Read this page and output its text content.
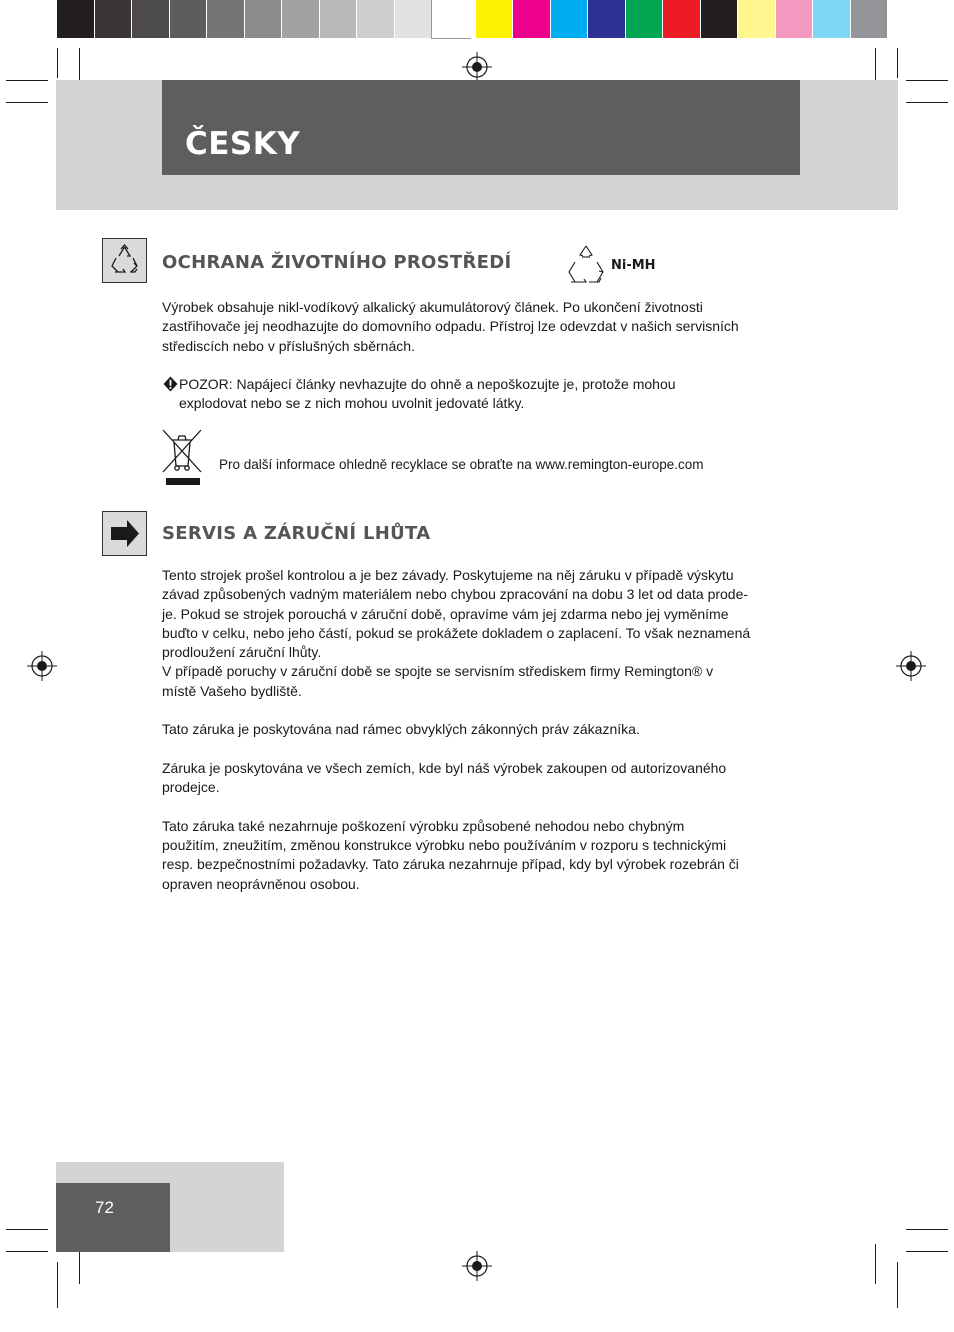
ČESKY
OCHRANA ŽIVOTNÍHO PROSTŘEDÍ	Ni-MH
Výrobek obsahuje nikl-vodíkový alkalický akumulátorový článek. Po ukončení životnosti
zastřihovače jej neodhazujte do domovního odpadu. Přístroj lze odevzdat v našich servisních
střediscích nebo v příslušných sběrnách.
POZOR: Napájecí články nevhazujte do ohně a nepoškozujte je, protože mohou
explodovat nebo se z nich mohou uvolnit jedovaté látky.
Pro další informace ohledně recyklace se obraťte na www.remington-europe.com
SERVIS A ZÁRUČNÍ LHŮTA

Tento strojek prošel kontrolou a je bez závady. Poskytujeme na něj záruku v případě výskytu
závad způsobených vadným materiálem nebo chybou zpracování na dobu 3 let od data prode-
je. Pokud se strojek porouchá v záruční době, opravíme vám jej zdarma nebo jej vyměníme
buďto v celku, nebo jeho částí, pokud se prokážete dokladem o zaplacení. To však neznamená
prodloužení záruční lhůty.
V případě poruchy v záruční době se spojte se servisním střediskem firmy Remington® v
místě Vašeho bydliště.

Tato záruka je poskytována nad rámec obvyklých zákonných práv zákazníka.

Záruka je poskytována ve všech zemích, kde byl náš výrobek zakoupen od autorizovaného
prodejce.

Tato záruka také nezahrnuje poškození výrobku způsobené nehodou nebo chybným
použitím, zneužitím, změnou konstrukce výrobku nebo používáním v rozporu s technickými
resp. bezpečnostními požadavky. Tato záruka nezahrnuje případ, kdy byl výrobek rozebrán či
opraven neoprávněnou osobou.

72
